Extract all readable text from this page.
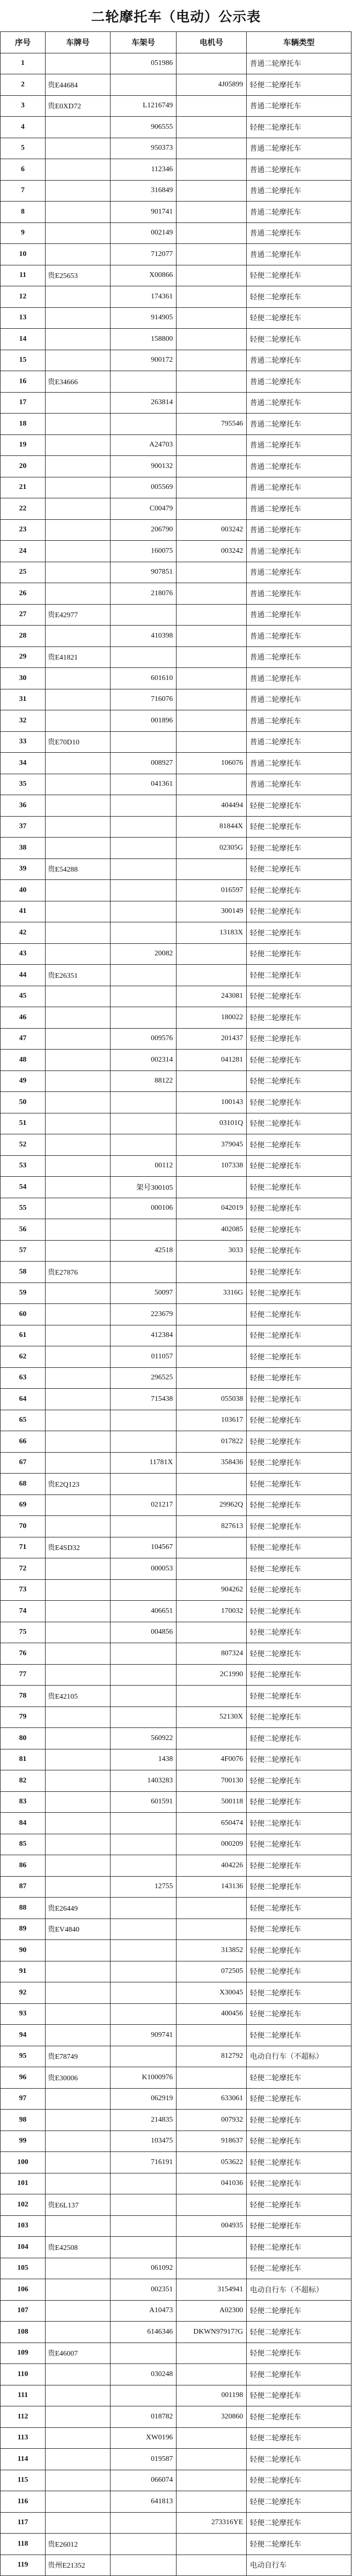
二轮摩托车（电动）公示表
序号	车牌号	车架号	电机号	车辆类型
1		051986		普通二轮摩托车
2	贵E44684		4J05899	轻便二轮摩托车
3	贵E0XD72	L1216749		普通二轮摩托车
4		906555		轻便二轮摩托车
5		950373		普通二轮摩托车
6		112346		普通二轮摩托车
7		316849		普通二轮摩托车
8		901741		普通二轮摩托车
9		002149		普通二轮摩托车
10		712077		普通二轮摩托车
11	贵E25653	X00866		轻便二轮摩托车
12		174361		轻便二轮摩托车
13		914905		轻便二轮摩托车
14		158800		轻便二轮摩托车
15		900172		普通二轮摩托车
16	贵E34666			普通二轮摩托车
17		263814		普通二轮摩托车
18			795546	普通二轮摩托车
19		A24703		普通二轮摩托车
20		900132		普通二轮摩托车
21		005569		普通二轮摩托车
22		C00479		普通二轮摩托车
23		206790	003242	普通二轮摩托车
24		160075	003242	普通二轮摩托车
25		907851		普通二轮摩托车
26		218076		普通二轮摩托车
27	贵E42977			普通二轮摩托车
28		410398		普通二轮摩托车
29	贵E41821			普通二轮摩托车
30		601610		普通二轮摩托车
31		716076		普通二轮摩托车
32		001896		普通二轮摩托车
33	贵E70D10			普通二轮摩托车
34		008927	106076	普通二轮摩托车
35		041361		普通二轮摩托车
36			404494	轻便二轮摩托车
37			81844X	轻便二轮摩托车
38			02305G	轻便二轮摩托车
39	贵E54288			轻便二轮摩托车
40			016597	轻便二轮摩托车
41			300149	轻便二轮摩托车
42			13183X	轻便二轮摩托车
43		20082		轻便二轮摩托车
44	贵E26351			轻便二轮摩托车
45			243081	轻便二轮摩托车
46			180022	轻便二轮摩托车
47		009576	201437	轻便二轮摩托车
48		002314	041281	轻便二轮摩托车
49		88122		轻便二轮摩托车
50			100143	轻便二轮摩托车
51			03101Q	轻便二轮摩托车
52			379045	轻便二轮摩托车
53		00112	107338	轻便二轮摩托车
54		架号300105		轻便二轮摩托车
55		000106	042019	轻便二轮摩托车
56			402085	轻便二轮摩托车
57		42518	3033	轻便二轮摩托车
58	贵E27876			轻便二轮摩托车
59		50097	3316G	轻便二轮摩托车
60		223679		轻便二轮摩托车
61		412384		轻便二轮摩托车
62		011057		轻便二轮摩托车
63		296525		轻便二轮摩托车
64		715438	055038	轻便二轮摩托车
65			103617	轻便二轮摩托车
66			017822	轻便二轮摩托车
67		11781X	358436	轻便二轮摩托车
68	贵E2Q123			轻便二轮摩托车
69		021217	29962Q	轻便二轮摩托车
70			827613	轻便二轮摩托车
71	贵E4SD32	104567		轻便二轮摩托车
72		000053		轻便二轮摩托车
73			904262	轻便二轮摩托车
74		406651	170032	轻便二轮摩托车
75		004856		轻便二轮摩托车
76			807324	轻便二轮摩托车
77			2C1990	轻便二轮摩托车
78	贵E42105			轻便二轮摩托车
79			52130X	轻便二轮摩托车
80		560922		轻便二轮摩托车
81		1438	4F0076	轻便二轮摩托车
82		1403283	700130	轻便二轮摩托车
83		601591	500118	轻便二轮摩托车
84			650474	轻便二轮摩托车
85			000209	轻便二轮摩托车
86			404226	轻便二轮摩托车
87		12755	143136	轻便二轮摩托车
88	贵E26449			轻便二轮摩托车
89	贵EV4840			轻便二轮摩托车
90			313852	轻便二轮摩托车
91			072505	轻便二轮摩托车
92			X30045	轻便二轮摩托车
93			400456	轻便二轮摩托车
94		909741		轻便二轮摩托车
95	贵E78749		812792	电动自行车（不超标）
96	贵E30006	K1000976		轻便二轮摩托车
97		062919	633061	轻便二轮摩托车
98		214835	007932	轻便二轮摩托车
99		103475	918637	轻便二轮摩托车
100		716191	053622	轻便二轮摩托车
101			041036	轻便二轮摩托车
102	贵E6L137			轻便二轮摩托车
103			004935	轻便二轮摩托车
104	贵E42508			轻便二轮摩托车
105		061092		轻便二轮摩托车
106		002351	3154941	电动自行车（不超标）
107		A10473	A02300	轻便二轮摩托车
108		6146346	DKWN97917?G	轻便二轮摩托车
109	贵E46007			轻便二轮摩托车
110		030248		轻便二轮摩托车
111			001198	轻便二轮摩托车
112		018782	320860	轻便二轮摩托车
113		XW0196		轻便二轮摩托车
114		019587		轻便二轮摩托车
115		066074		轻便二轮摩托车
116		641813		轻便二轮摩托车
117			273316YE	轻便二轮摩托车
118	贵E26012			轻便二轮摩托车
119	贵州E21352			电动自行车
